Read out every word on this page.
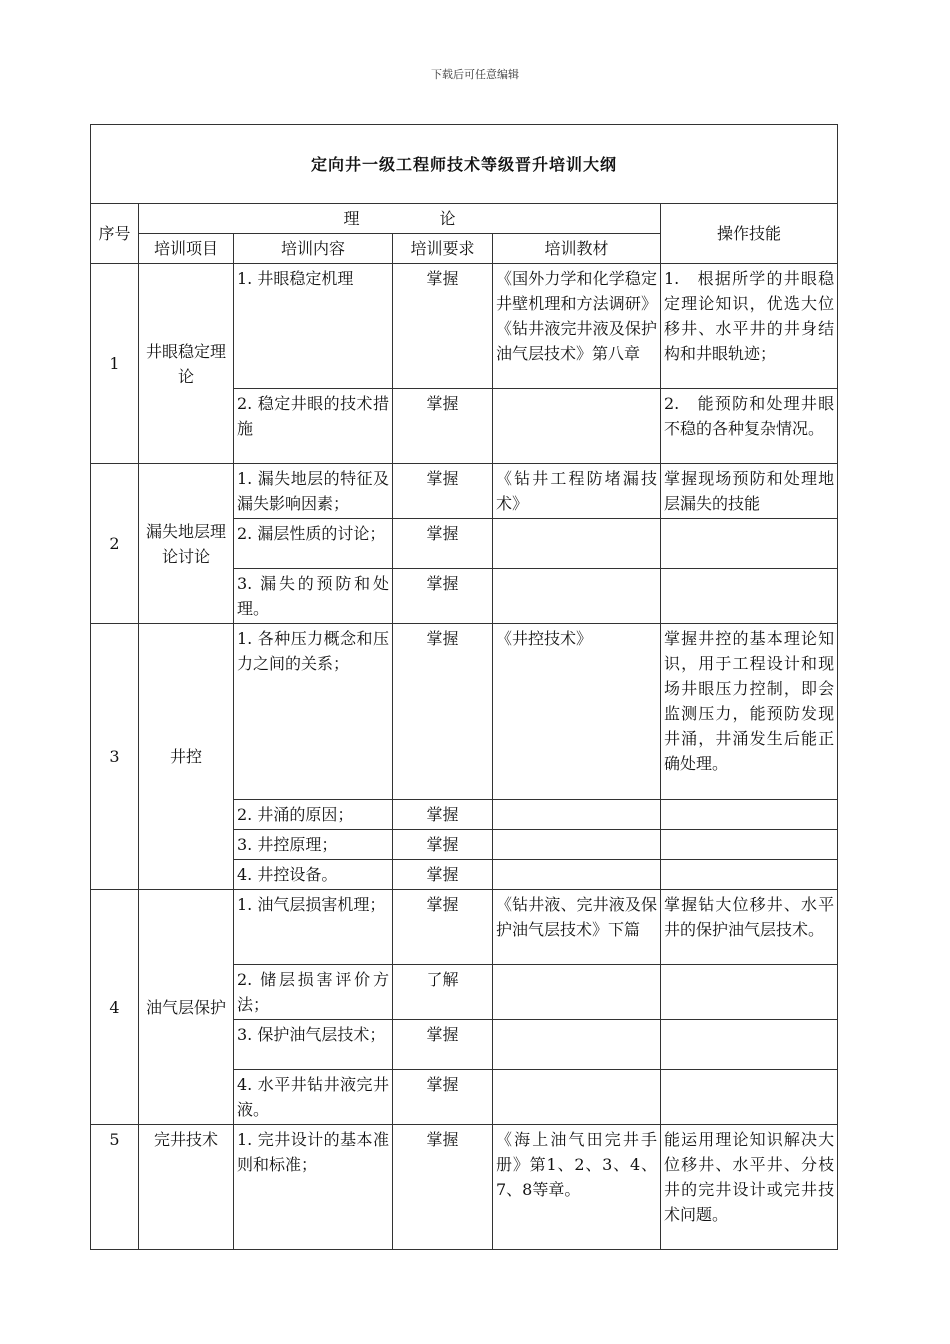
下载后可任意编辑
定向井一级工程师技术等级晋升培训大纲					
序号	理　　　　　论				操作技能
	培训项目	培训内容	培训要求	培训教材	
1	井眼稳定理论	1. 井眼稳定机理	掌握	《国外力学和化学稳定井壁机理和方法调研》《钻井液完井液及保护油气层技术》第八章	1.　根据所学的井眼稳定理论知识，优选大位移井、水平井的井身结构和井眼轨迹；
		2. 稳定井眼的技术措施	掌握		2.　能预防和处理井眼不稳的各种复杂情况。
2	漏失地层理论讨论	1. 漏失地层的特征及漏失影响因素；	掌握	《钻井工程防堵漏技术》	掌握现场预防和处理地层漏失的技能
		2. 漏层性质的讨论；	掌握		
		3. 漏失的预防和处理。	掌握		
3	井控	1. 各种压力概念和压力之间的关系；	掌握	《井控技术》	掌握井控的基本理论知识，用于工程设计和现场井眼压力控制，即会监测压力，能预防发现井涌，井涌发生后能正确处理。
		2. 井涌的原因；	掌握		
		3. 井控原理；	掌握		
		4. 井控设备。	掌握		
4	油气层保护	1. 油气层损害机理；	掌握	《钻井液、完井液及保护油气层技术》下篇	掌握钻大位移井、水平井的保护油气层技术。
		2. 储层损害评价方法；	了解		
		3. 保护油气层技术；	掌握		
		4. 水平井钻井液完井液。	掌握		
5	完井技术	1. 完井设计的基本准则和标准；	掌握	《海上油气田完井手册》第1、2、3、4、7、8等章。	能运用理论知识解决大位移井、水平井、分枝井的完井设计或完井技术问题。
